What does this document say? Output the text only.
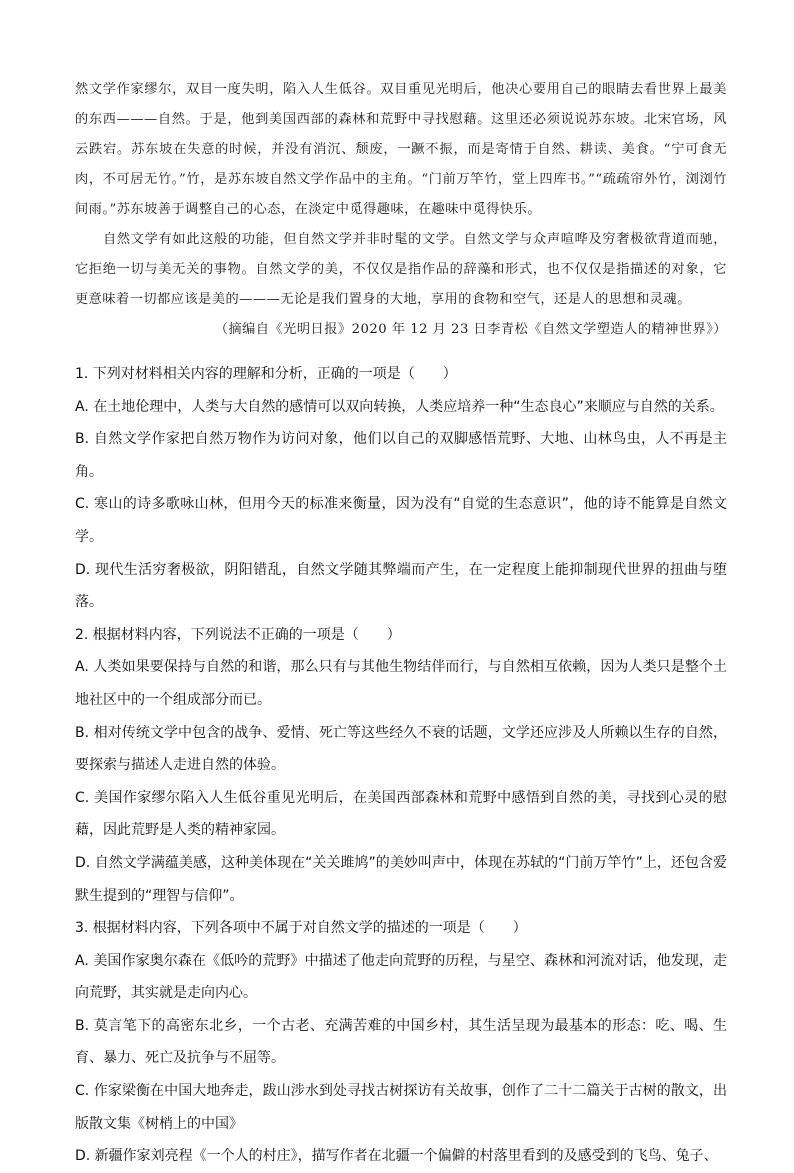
然文学作家缪尔，双目一度失明，陷入人生低谷。双目重见光明后，他决心要用自己的眼睛去看世界上最美的东西———自然。于是，他到美国西部的森林和荒野中寻找慰藉。这里还必须说说苏东坡。北宋官场，风云跌宕。苏东坡在失意的时候，并没有消沉、颓废，一蹶不振，而是寄情于自然、耕读、美食。“宁可食无肉，不可居无竹。”竹，是苏东坡自然文学作品中的主角。“门前万竿竹，堂上四库书。”“疏疏帘外竹，浏浏竹间雨。”苏东坡善于调整自己的心态，在淡定中觅得趣味，在趣味中觅得快乐。

自然文学有如此这般的功能，但自然文学并非时髦的文学。自然文学与众声喧哗及穷奢极欲背道而驰，它拒绝一切与美无关的事物。自然文学的美，不仅仅是指作品的辞藻和形式，也不仅仅是指描述的对象，它更意味着一切都应该是美的———无论是我们置身的大地，享用的食物和空气，还是人的思想和灵魂。

（摘编自《光明日报》2020 年 12 月 23 日李青松《自然文学塑造人的精神世界》）

1. 下列对材料相关内容的理解和分析，正确的一项是（　　）

A. 在土地伦理中，人类与大自然的感情可以双向转换，人类应培养一种“生态良心”来顺应与自然的关系。

B. 自然文学作家把自然万物作为访问对象，他们以自己的双脚感悟荒野、大地、山林鸟虫，人不再是主角。

C. 寒山的诗多歌咏山林，但用今天的标准来衡量，因为没有“自觉的生态意识”，他的诗不能算是自然文学。

D. 现代生活穷奢极欲，阴阳错乱，自然文学随其弊端而产生，在一定程度上能抑制现代世界的扭曲与堕落。

2. 根据材料内容，下列说法不正确的一项是（　　）

A. 人类如果要保持与自然的和谐，那么只有与其他生物结伴而行，与自然相互依赖，因为人类只是整个土地社区中的一个组成部分而已。

B. 相对传统文学中包含的战争、爱情、死亡等这些经久不衰的话题，文学还应涉及人所赖以生存的自然，要探索与描述人走进自然的体验。

C. 美国作家缪尔陷入人生低谷重见光明后，在美国西部森林和荒野中感悟到自然的美，寻找到心灵的慰藉，因此荒野是人类的精神家园。

D. 自然文学满蕴美感，这种美体现在“关关雎鸠”的美妙叫声中，体现在苏轼的“门前万竿竹”上，还包含爱默生提到的“理智与信仰”。

3. 根据材料内容，下列各项中不属于对自然文学的描述的一项是（　　）

A. 美国作家奥尔森在《低吟的荒野》中描述了他走向荒野的历程，与星空、森林和河流对话，他发现，走向荒野，其实就是走向内心。

B. 莫言笔下的高密东北乡，一个古老、充满苦难的中国乡村，其生活呈现为最基本的形态：吃、喝、生育、暴力、死亡及抗争与不屈等。

C. 作家梁衡在中国大地奔走，跋山涉水到处寻找古树探访有关故事，创作了二十二篇关于古树的散文，出版散文集《树梢上的中国》

D. 新疆作家刘亮程《一个人的村庄》，描写作者在北疆一个偏僻的村落里看到的及感受到的飞鸟、兔子、
